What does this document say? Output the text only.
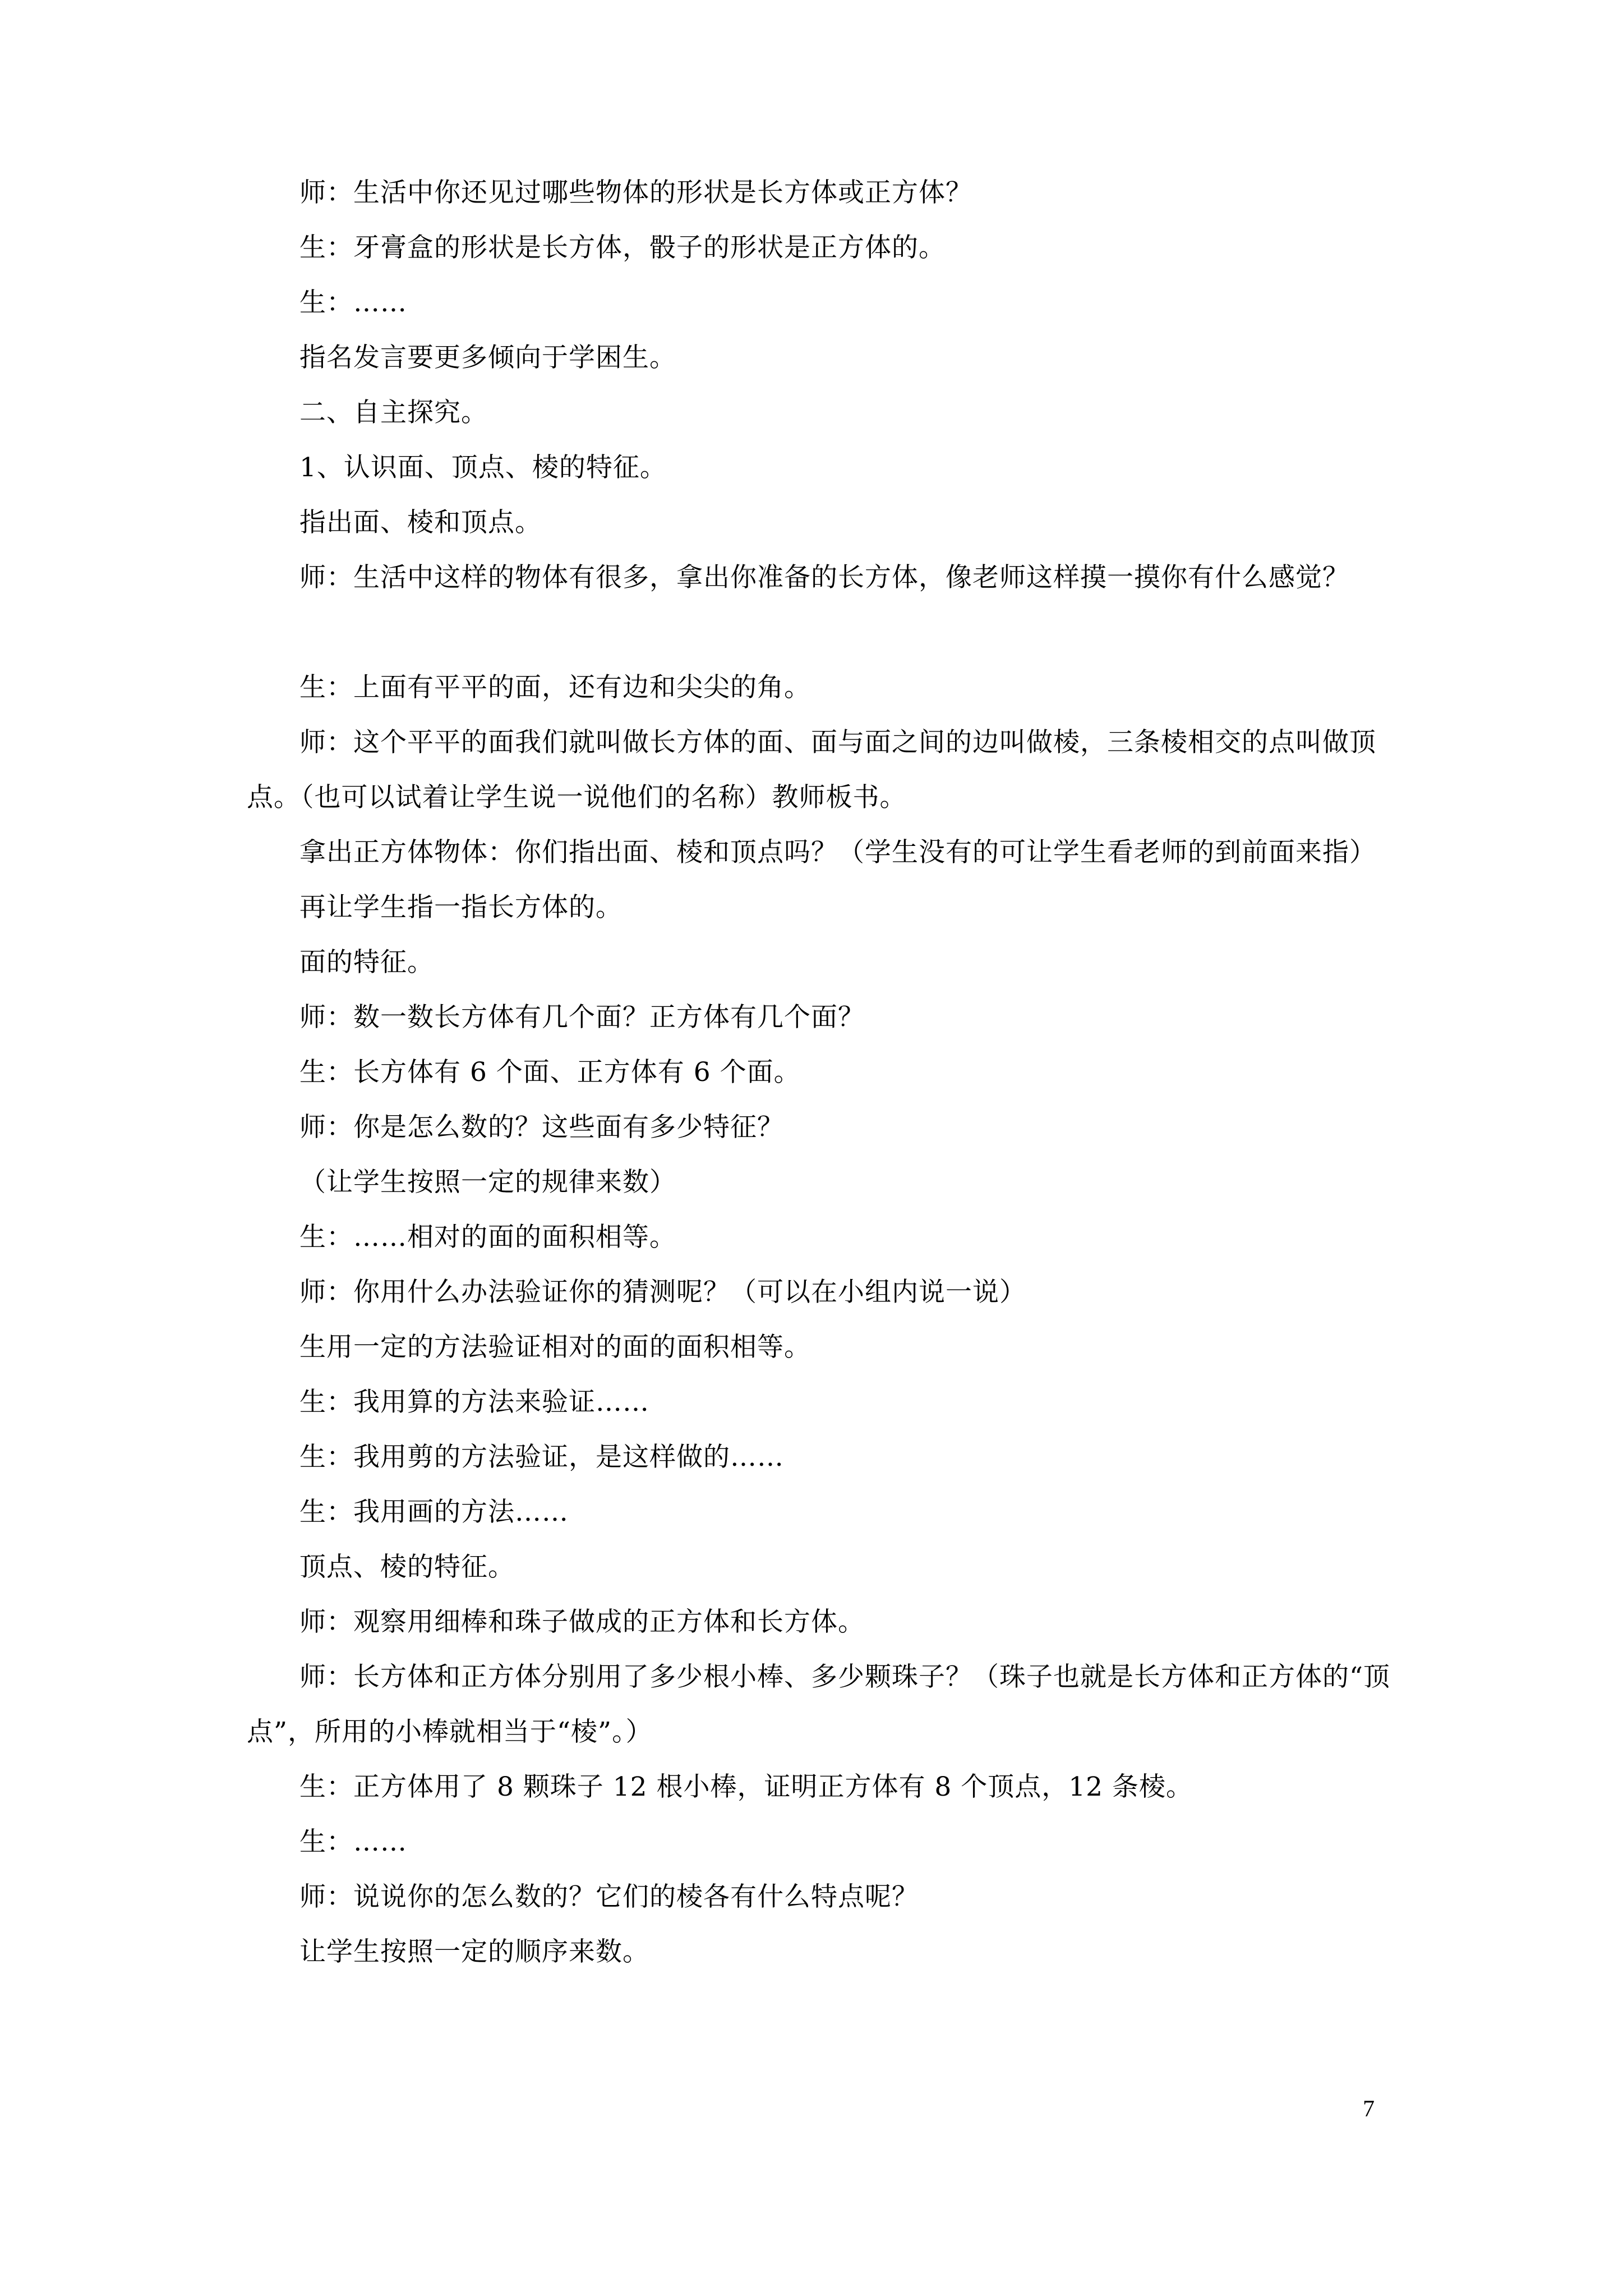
师：生活中你还见过哪些物体的形状是长方体或正方体？

生：牙膏盒的形状是长方体，骰子的形状是正方体的。

生：……

指名发言要更多倾向于学困生。

二、自主探究。

1、认识面、顶点、棱的特征。

指出面、棱和顶点。

师：生活中这样的物体有很多，拿出你准备的长方体，像老师这样摸一摸你有什么感觉？

生：上面有平平的面，还有边和尖尖的角。

师：这个平平的面我们就叫做长方体的面、面与面之间的边叫做棱，三条棱相交的点叫做顶点。（也可以试着让学生说一说他们的名称）教师板书。

拿出正方体物体：你们指出面、棱和顶点吗？（学生没有的可让学生看老师的到前面来指）

再让学生指一指长方体的。

面的特征。

师：数一数长方体有几个面？正方体有几个面？

生：长方体有 6 个面、正方体有 6 个面。

师：你是怎么数的？这些面有多少特征？

（让学生按照一定的规律来数）

生：……相对的面的面积相等。

师：你用什么办法验证你的猜测呢？（可以在小组内说一说）

生用一定的方法验证相对的面的面积相等。

生：我用算的方法来验证……

生：我用剪的方法验证，是这样做的……

生：我用画的方法……

顶点、棱的特征。

师：观察用细棒和珠子做成的正方体和长方体。

师：长方体和正方体分别用了多少根小棒、多少颗珠子？（珠子也就是长方体和正方体的“顶点”，所用的小棒就相当于“棱”。）

生：正方体用了 8 颗珠子 12 根小棒，证明正方体有 8 个顶点，12 条棱。

生：……

师：说说你的怎么数的？它们的棱各有什么特点呢？

让学生按照一定的顺序来数。

7
